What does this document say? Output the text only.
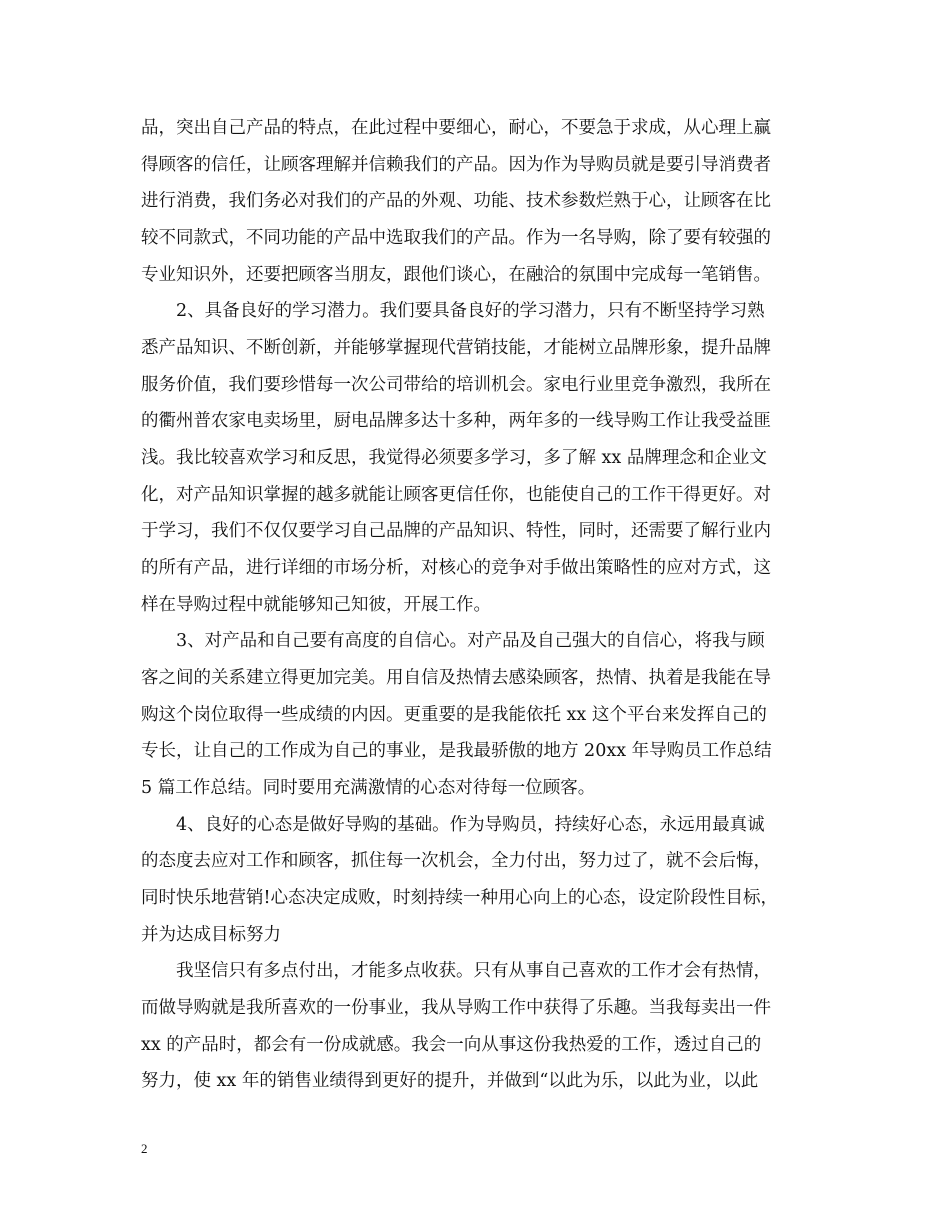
品，突出自己产品的特点，在此过程中要细心，耐心，不要急于求成，从心理上赢
得顾客的信任，让顾客理解并信赖我们的产品。因为作为导购员就是要引导消费者
进行消费，我们务必对我们的产品的外观、功能、技术参数烂熟于心，让顾客在比
较不同款式，不同功能的产品中选取我们的产品。作为一名导购，除了要有较强的
专业知识外，还要把顾客当朋友，跟他们谈心，在融洽的氛围中完成每一笔销售。
2、具备良好的学习潜力。我们要具备良好的学习潜力，只有不断坚持学习熟
悉产品知识、不断创新，并能够掌握现代营销技能，才能树立品牌形象，提升品牌
服务价值，我们要珍惜每一次公司带给的培训机会。家电行业里竞争激烈，我所在
的衢州普农家电卖场里，厨电品牌多达十多种，两年多的一线导购工作让我受益匪
浅。我比较喜欢学习和反思，我觉得必须要多学习，多了解 xx 品牌理念和企业文
化，对产品知识掌握的越多就能让顾客更信任你，也能使自己的工作干得更好。对
于学习，我们不仅仅要学习自己品牌的产品知识、特性，同时，还需要了解行业内
的所有产品，进行详细的市场分析，对核心的竞争对手做出策略性的应对方式，这
样在导购过程中就能够知己知彼，开展工作。
3、对产品和自己要有高度的自信心。对产品及自己强大的自信心，将我与顾
客之间的关系建立得更加完美。用自信及热情去感染顾客，热情、执着是我能在导
购这个岗位取得一些成绩的内因。更重要的是我能依托 xx 这个平台来发挥自己的
专长，让自己的工作成为自己的事业，是我最骄傲的地方 20xx 年导购员工作总结
5 篇工作总结。同时要用充满激情的心态对待每一位顾客。
4、良好的心态是做好导购的基础。作为导购员，持续好心态，永远用最真诚
的态度去应对工作和顾客，抓住每一次机会，全力付出，努力过了，就不会后悔，
同时快乐地营销!心态决定成败，时刻持续一种用心向上的心态，设定阶段性目标，
并为达成目标努力
我坚信只有多点付出，才能多点收获。只有从事自己喜欢的工作才会有热情，
而做导购就是我所喜欢的一份事业，我从导购工作中获得了乐趣。当我每卖出一件
xx 的产品时，都会有一份成就感。我会一向从事这份我热爱的工作，透过自己的
努力，使 xx 年的销售业绩得到更好的提升，并做到“以此为乐，以此为业，以此
2
